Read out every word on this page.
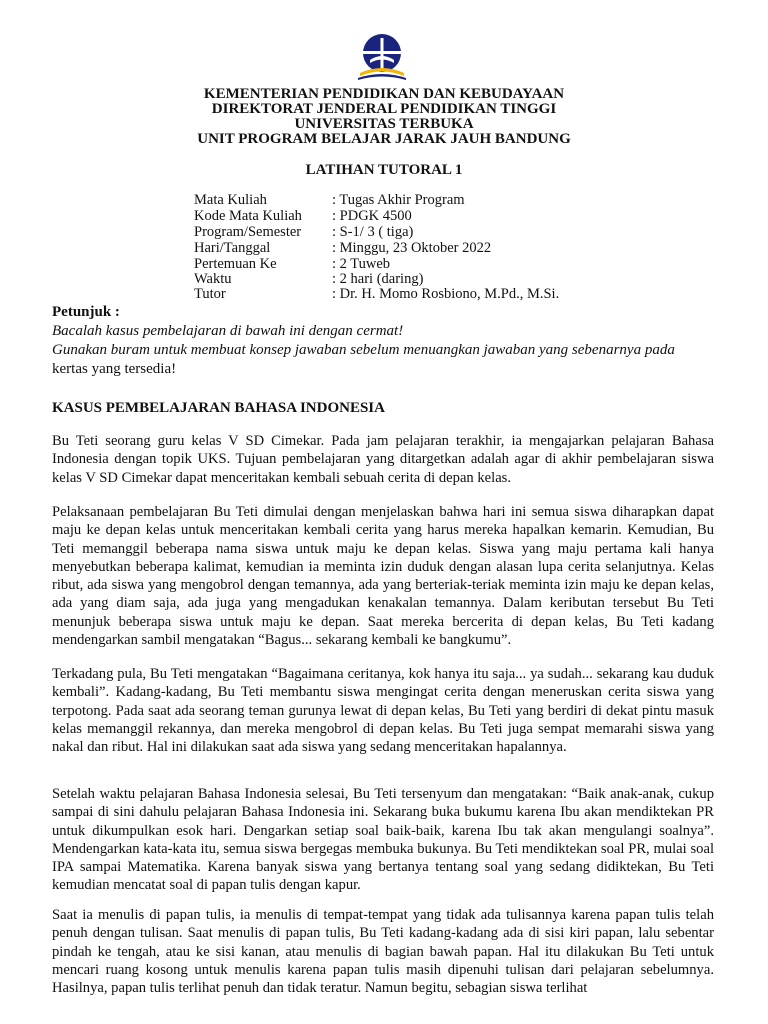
KEMENTERIAN PENDIDIKAN DAN KEBUDAYAAN
DIREKTORAT JENDERAL PENDIDIKAN TINGGI
UNIVERSITAS TERBUKA
UNIT PROGRAM BELAJAR JARAK JAUH BANDUNG
LATIHAN TUTORAL 1
Mata Kuliah	: Tugas Akhir Program
Kode Mata Kuliah : PDGK 4500
Program/Semester : S-1/ 3 ( tiga)
Hari/Tanggal	: Minggu, 23 Oktober 2022
Pertemuan Ke	: 2 Tuweb
Waktu	: 2 hari (daring)
Tutor	: Dr. H. Momo Rosbiono, M.Pd., M.Si.
Petunjuk :
Bacalah kasus pembelajaran di bawah ini dengan cermat!
Gunakan buram untuk membuat konsep jawaban sebelum menuangkan jawaban yang sebenarnya pada
kertas yang tersedia!
KASUS PEMBELAJARAN BAHASA INDONESIA

Bu Teti seorang guru kelas V SD Cimekar. Pada jam pelajaran terakhir, ia mengajarkan pelajaran Bahasa Indonesia dengan topik UKS. Tujuan pembelajaran yang ditargetkan adalah agar di akhir pembelajaran siswa kelas V SD Cimekar dapat menceritakan kembali sebuah cerita di depan kelas.

Pelaksanaan pembelajaran Bu Teti dimulai dengan menjelaskan bahwa hari ini semua siswa diharapkan dapat maju ke depan kelas untuk menceritakan kembali cerita yang harus mereka hapalkan kemarin. Kemudian, Bu Teti memanggil beberapa nama siswa untuk maju ke depan kelas. Siswa yang maju pertama kali hanya menyebutkan beberapa kalimat, kemudian ia meminta izin duduk dengan alasan lupa cerita selanjutnya. Kelas ribut, ada siswa yang mengobrol dengan temannya, ada yang berteriak-teriak meminta izin maju ke depan kelas, ada yang diam saja, ada juga yang mengadukan kenakalan temannya. Dalam keributan tersebut Bu Teti menunjuk beberapa siswa untuk maju ke depan. Saat mereka bercerita di depan kelas, Bu Teti kadang mendengarkan sambil mengatakan “Bagus... sekarang kembali ke bangkumu”.

Terkadang pula, Bu Teti mengatakan “Bagaimana ceritanya, kok hanya itu saja... ya sudah... sekarang kau duduk kembali”. Kadang-kadang, Bu Teti membantu siswa mengingat cerita dengan meneruskan cerita siswa yang terpotong. Pada saat ada seorang teman gurunya lewat di depan kelas, Bu Teti yang berdiri di dekat pintu masuk kelas memanggil rekannya, dan mereka mengobrol di depan kelas. Bu Teti juga sempat memarahi siswa yang nakal dan ribut. Hal ini dilakukan saat ada siswa yang sedang menceritakan hapalannya.

Setelah waktu pelajaran Bahasa Indonesia selesai, Bu Teti tersenyum dan mengatakan: “Baik anak-anak, cukup sampai di sini dahulu pelajaran Bahasa Indonesia ini. Sekarang buka bukumu karena Ibu akan mendiktekan PR untuk dikumpulkan esok hari. Dengarkan setiap soal baik-baik, karena Ibu tak akan mengulangi soalnya”. Mendengarkan kata-kata itu, semua siswa bergegas membuka bukunya. Bu Teti mendiktekan soal PR, mulai soal IPA sampai Matematika. Karena banyak siswa yang bertanya tentang soal yang sedang didiktekan, Bu Teti kemudian mencatat soal di papan tulis dengan kapur.

Saat ia menulis di papan tulis, ia menulis di tempat-tempat yang tidak ada tulisannya karena papan tulis telah penuh dengan tulisan. Saat menulis di papan tulis, Bu Teti kadang-kadang ada di sisi kiri papan, lalu sebentar pindah ke tengah, atau ke sisi kanan, atau menulis di bagian bawah papan. Hal itu dilakukan Bu Teti untuk mencari ruang kosong untuk menulis karena papan tulis masih dipenuhi tulisan dari pelajaran sebelumnya. Hasilnya, papan tulis terlihat penuh dan tidak teratur. Namun begitu, sebagian siswa terlihat
